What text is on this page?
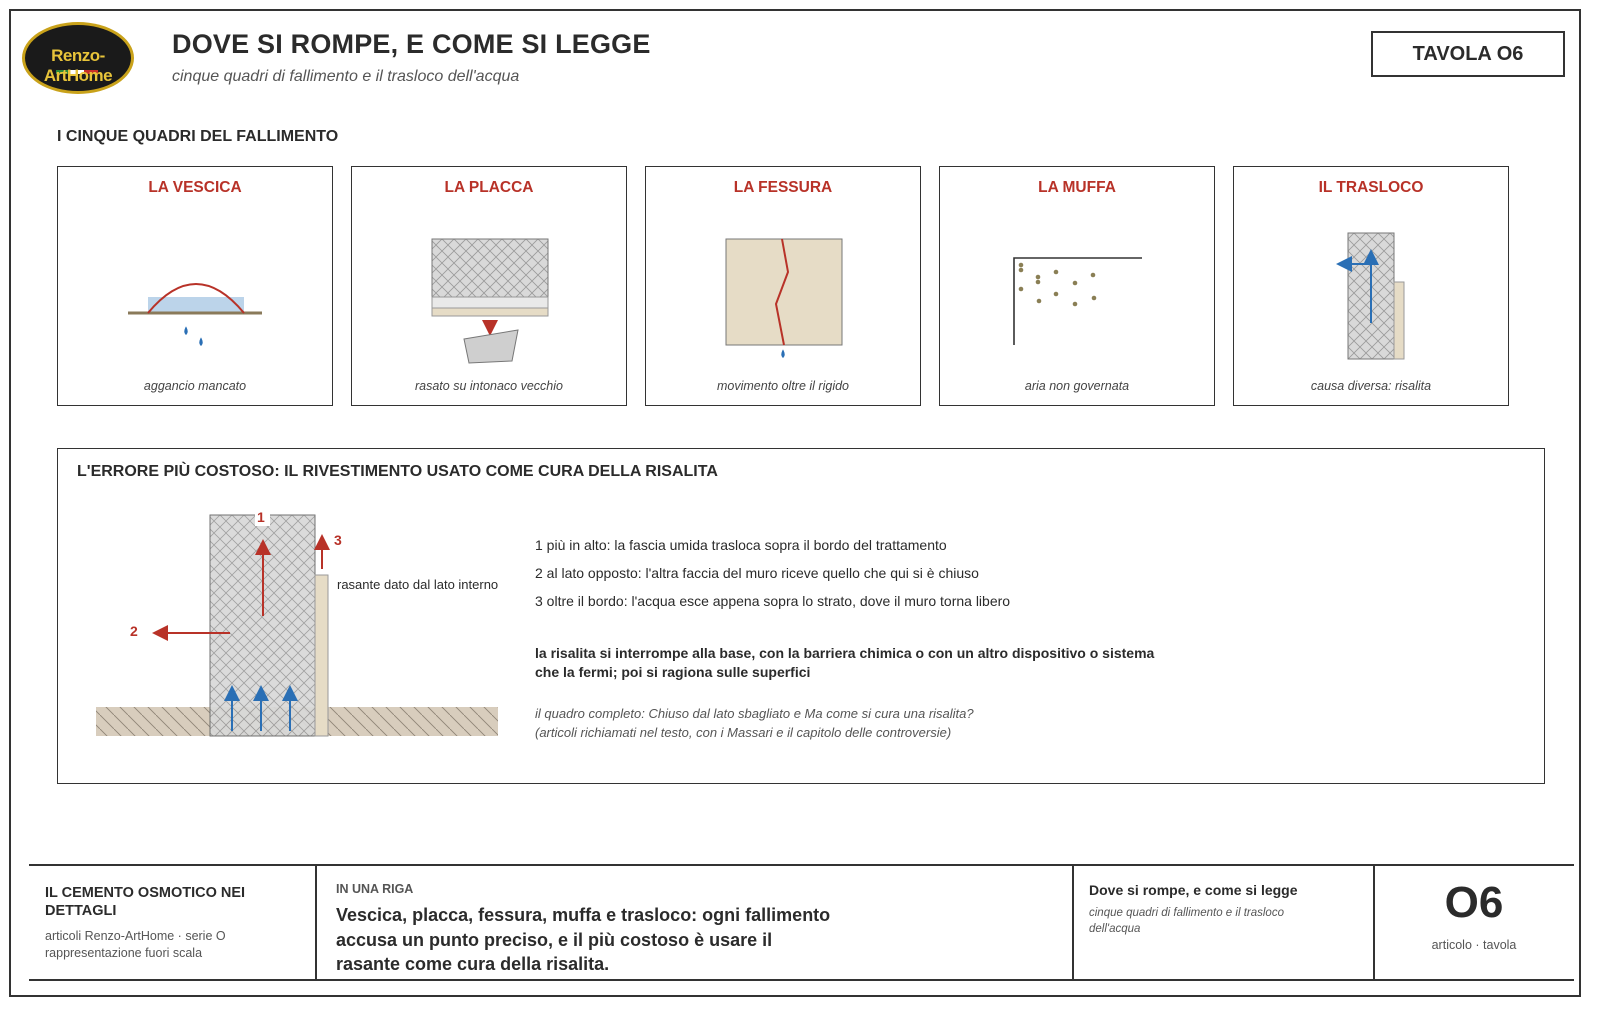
Renzo-ArtHome
DOVE SI ROMPE, E COME SI LEGGE
cinque quadri di fallimento e il trasloco dell'acqua
TAVOLA O6
I CINQUE QUADRI DEL FALLIMENTO
LA VESCICA
aggancio mancato
LA PLACCA
rasato su intonaco vecchio
LA FESSURA
movimento oltre il rigido
LA MUFFA
aria non governata
IL TRASLOCO
causa diversa: risalita
L'ERRORE PIÙ COSTOSO: IL RIVESTIMENTO USATO COME CURA DELLA RISALITA
1
2
3
rasante dato dal lato interno
1 più in alto: la fascia umida trasloca sopra il bordo del trattamento
2 al lato opposto: l'altra faccia del muro riceve quello che qui si è chiuso
3 oltre il bordo: l'acqua esce appena sopra lo strato, dove il muro torna libero
la risalita si interrompe alla base, con la barriera chimica o con un altro dispositivo o sistema che la fermi; poi si ragiona sulle superfici
il quadro completo: Chiuso dal lato sbagliato e Ma come si cura una risalita?
(articoli richiamati nel testo, con i Massari e il capitolo delle controversie)
IL CEMENTO OSMOTICO NEI DETTAGLI
articoli Renzo-ArtHome · serie O
rappresentazione fuori scala
IN UNA RIGA
Vescica, placca, fessura, muffa e trasloco: ogni fallimento accusa un punto preciso, e il più costoso è usare il rasante come cura della risalita.
Dove si rompe, e come si legge
cinque quadri di fallimento e il trasloco dell'acqua
O6
articolo · tavola
